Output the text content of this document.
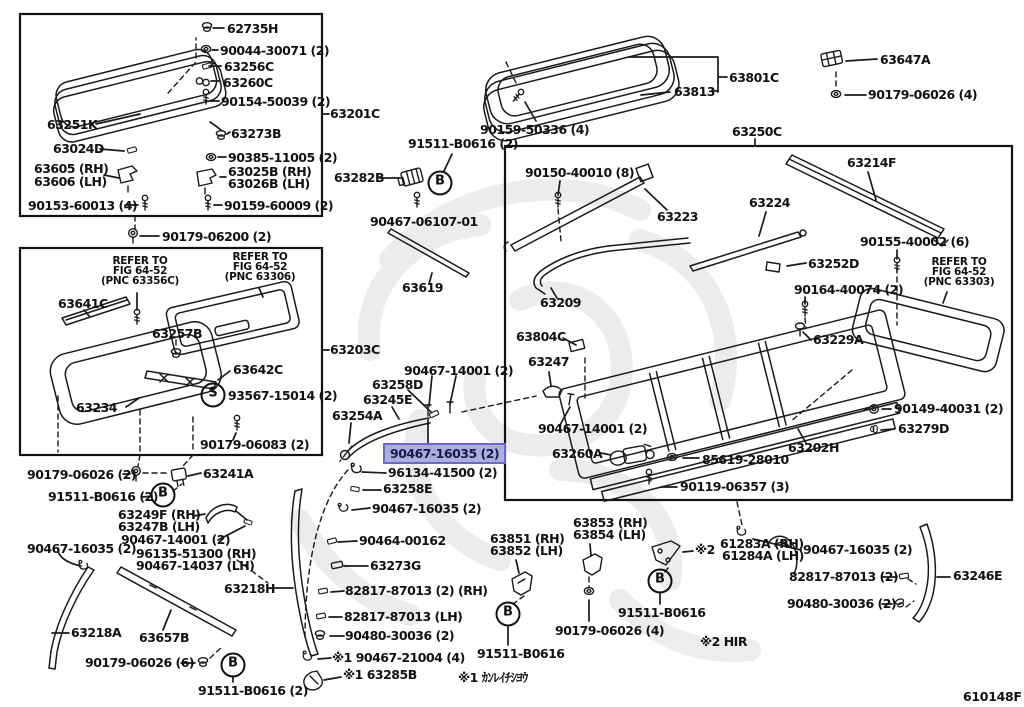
62735H
90044-30071 (2)
63256C
63260C
90154-50039 (2)
63251K
63273B
63024D
90385-11005 (2)
63605 (RH)
63606 (LH)
63025B (RH)
63026B (LH)
90153-60013 (4)	90159-60009 (2)
63201C
90179-06200 (2)
REFER TO
FIG 64-52
(PNC 63356C)
REFER TO
FIG 64-52
(PNC 63306)
63641C
63257B
63642C
S 93567-15014 (2)
63234
90179-06083 (2)
63203C
90179-06026 (2)	63241A
91511-B0616 (2) B
63249F (RH)
63247B (LH)
90467-14001 (2)
90467-16035 (2) 96135-51300 (RH)
90467-14037 (LH)
63218H
63218A 63657B
90179-06026 (6)	B
91511-B0616 (2)
63282B
91511-B0616 (2)
B
90467-06107-01
63619
90467-14001 (2)
63258D
63245E
63254A
96134-41500 (2)
63258E
90467-16035 (2)
90464-00162
63273G
82817-87013 (2) (RH)
82817-87013 (LH)
90480-30036 (2)
※1 90467-21004 (4)
※1 63285B	※1 ｶﾝﾚｲﾁｼﾖｳ
63851 (RH)
63852 (LH)
63853 (RH)
63854 (LH)
B
91511-B0616
90179-06026 (4)
63801C
63813
63647A
90179-06026 (4)
90159-50336 (4)	63250C
90150-40010 (8)
63223
63224
63214F
90155-40002 (6)
REFER TO
FIG 64-52
(PNC 63303)
63252D
90164-40074 (2)
63209
63804C	63229A
63247
90467-14001 (2)
63260A	85619-28010
90119-06357 (3)
63202H
90149-40031 (2)
63279D
※2 61283A (RH)
61284A (LH)
B
91511-B0616
90467-16035 (2)
82817-87013 (2)
90480-30036 (2)
63246E
※2 HIR
90467-16035 (2)
610148F
